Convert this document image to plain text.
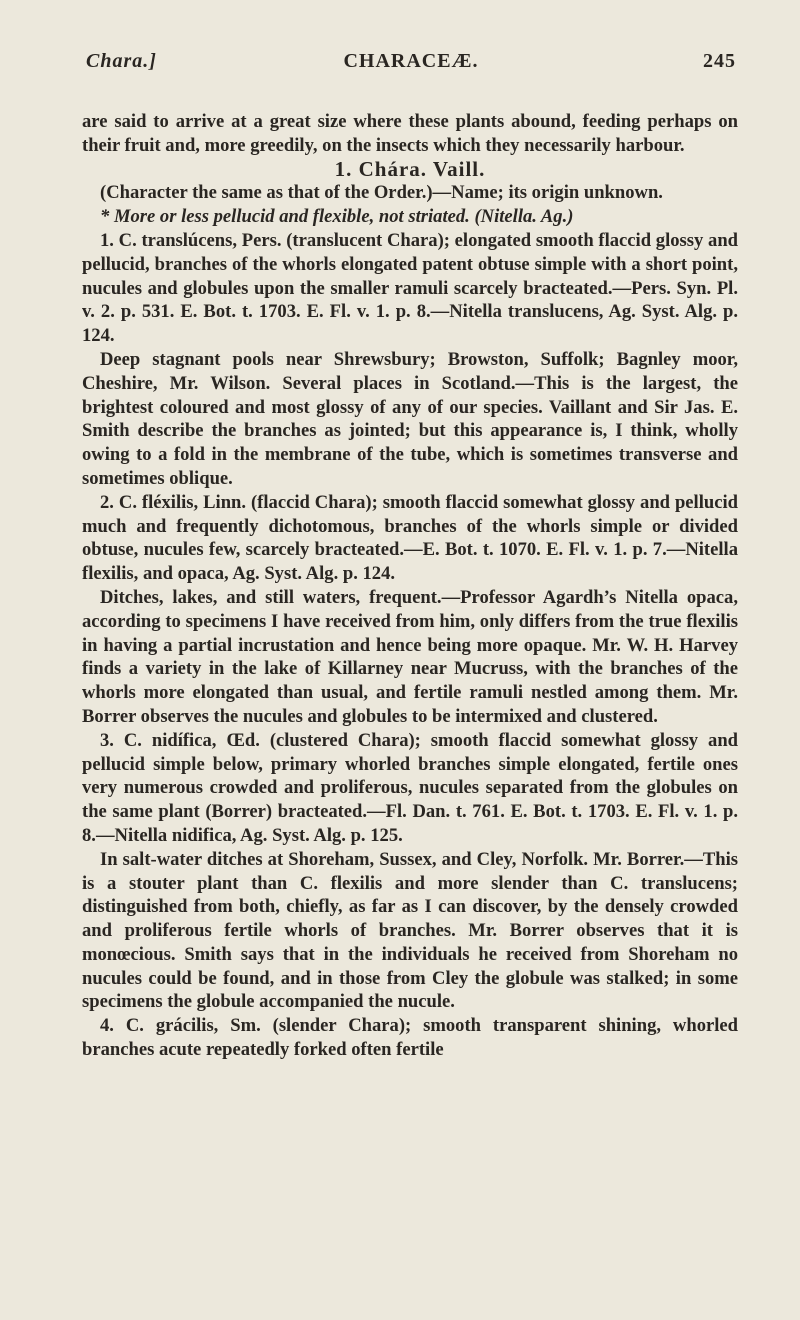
Chara.]	CHARACEÆ.	245

are said to arrive at a great size where these plants abound, feeding perhaps on their fruit and, more greedily, on the insects which they necessarily harbour.

1. Chára. Vaill.

(Character the same as that of the Order.)—Name; its origin unknown.

* More or less pellucid and flexible, not striated. (Nitella. Ag.)

1. C. translúcens, Pers. (translucent Chara); elongated smooth flaccid glossy and pellucid, branches of the whorls elongated patent obtuse simple with a short point, nucules and globules upon the smaller ramuli scarcely bracteated.—Pers. Syn. Pl. v. 2. p. 531. E. Bot. t. 1703. E. Fl. v. 1. p. 8.—Nitella translucens, Ag. Syst. Alg. p. 124.

Deep stagnant pools near Shrewsbury; Browston, Suffolk; Bagnley moor, Cheshire, Mr. Wilson. Several places in Scotland.—This is the largest, the brightest coloured and most glossy of any of our species. Vaillant and Sir Jas. E. Smith describe the branches as jointed; but this appearance is, I think, wholly owing to a fold in the membrane of the tube, which is sometimes transverse and sometimes oblique.

2. C. fléxilis, Linn. (flaccid Chara); smooth flaccid somewhat glossy and pellucid much and frequently dichotomous, branches of the whorls simple or divided obtuse, nucules few, scarcely bracteated.—E. Bot. t. 1070. E. Fl. v. 1. p. 7.—Nitella flexilis, and opaca, Ag. Syst. Alg. p. 124.

Ditches, lakes, and still waters, frequent.—Professor Agardh’s Nitella opaca, according to specimens I have received from him, only differs from the true flexilis in having a partial incrustation and hence being more opaque. Mr. W. H. Harvey finds a variety in the lake of Killarney near Mucruss, with the branches of the whorls more elongated than usual, and fertile ramuli nestled among them. Mr. Borrer observes the nucules and globules to be intermixed and clustered.

3. C. nidífica, Œd. (clustered Chara); smooth flaccid somewhat glossy and pellucid simple below, primary whorled branches simple elongated, fertile ones very numerous crowded and proliferous, nucules separated from the globules on the same plant (Borrer) bracteated.—Fl. Dan. t. 761. E. Bot. t. 1703. E. Fl. v. 1. p. 8.—Nitella nidifica, Ag. Syst. Alg. p. 125.

In salt-water ditches at Shoreham, Sussex, and Cley, Norfolk. Mr. Borrer.—This is a stouter plant than C. flexilis and more slender than C. translucens; distinguished from both, chiefly, as far as I can discover, by the densely crowded and proliferous fertile whorls of branches. Mr. Borrer observes that it is monœcious. Smith says that in the individuals he received from Shoreham no nucules could be found, and in those from Cley the globule was stalked; in some specimens the globule accompanied the nucule.

4. C. grácilis, Sm. (slender Chara); smooth transparent shining, whorled branches acute repeatedly forked often fertile
